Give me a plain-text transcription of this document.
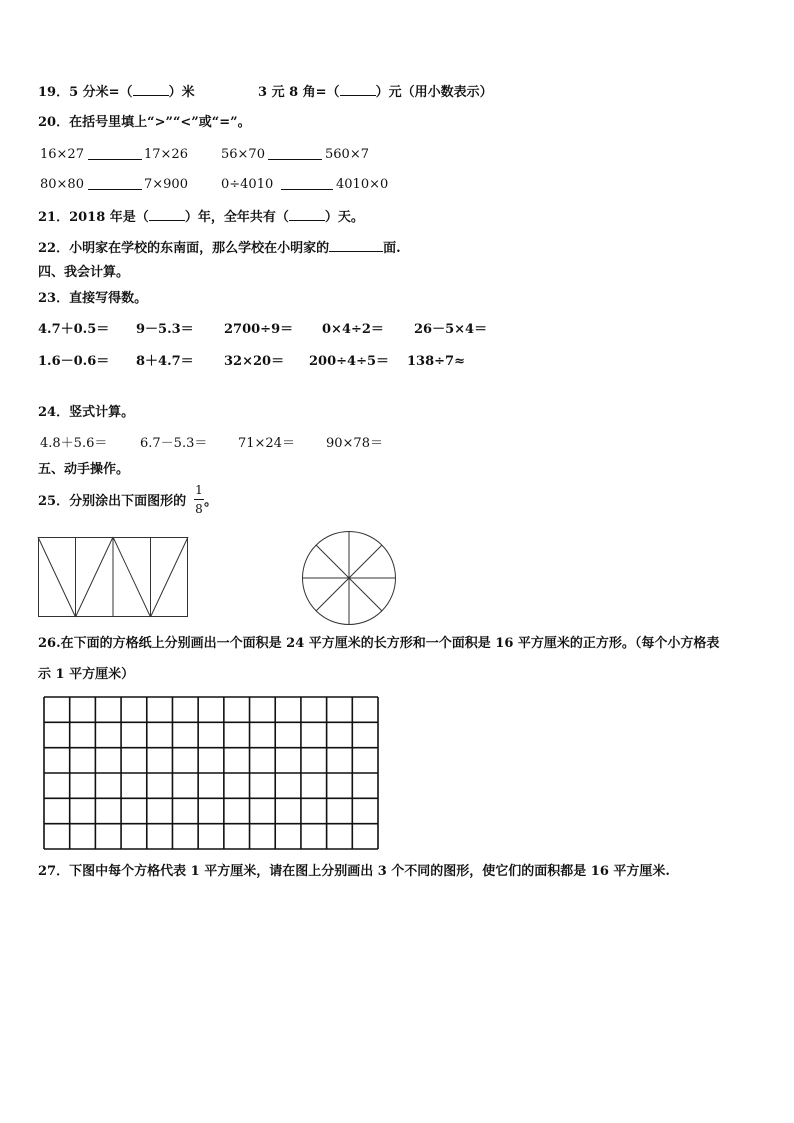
19．5 分米=（	）米	3 元 8 角=（	）元（用小数表示）
20．在括号里填上“>”“<”或“=”。
16×27	17×26	56×70	560×7
80×80	7×900	0÷4010	4010×0
21．2018 年是（	）年，全年共有（	）天。
22．小明家在学校的东南面，那么学校在小明家的	面.
四、我会计算。
23．直接写得数。
4.7＋0.5＝ 9－5.3＝ 2700÷9＝ 0×4÷2＝ 26－5×4＝
1.6－0.6＝ 8＋4.7＝ 32×20＝ 200÷4÷5＝ 138÷7≈
24．竖式计算。
4.8＋5.6＝	6.7－5.3＝ 71×24＝ 90×78＝
五、动手操作。
25．分别涂出下面图形的 。
1
8
26.在下面的方格纸上分别画出一个面积是 24 平方厘米的长方形和一个面积是 16 平方厘米的正方形。（每个小方格表
示 1 平方厘米）
27．下图中每个方格代表 1 平方厘米，请在图上分别画出 3 个不同的图形，使它们的面积都是 16 平方厘米.
